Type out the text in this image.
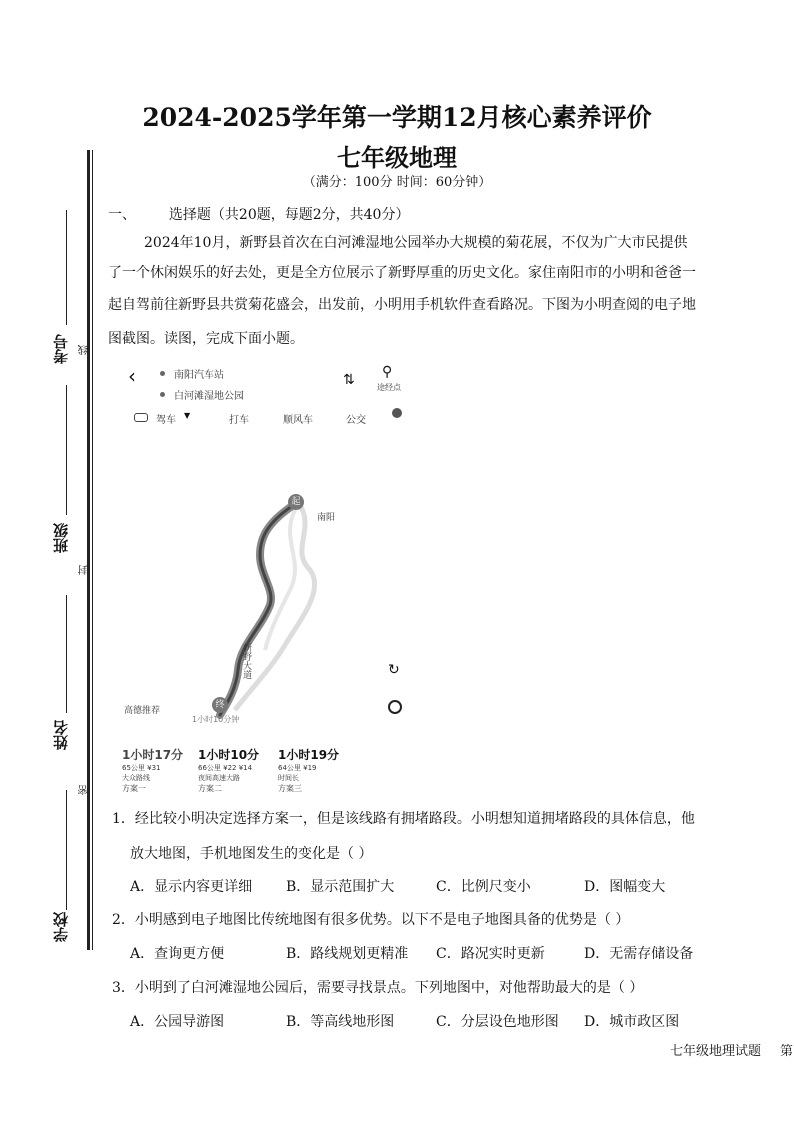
考号 线
班级
封
姓名
密
学校
2024-2025学年第一学期12月核心素养评价
七年级地理
（满分：100分 时间：60分钟）
一、 选择题（共20题，每题2分，共40分）
2024年10月，新野县首次在白河滩湿地公园举办大规模的菊花展，不仅为广大市民提供
了一个休闲娱乐的好去处，更是全方位展示了新野厚重的历史文化。家住南阳市的小明和爸爸一
起自驾前往新野县共赏菊花盛会，出发前，小明用手机软件查看路况。下图为小明查阅的电子地
图截图。读图，完成下面小题。
‹	南阳汽车站
白河滩湿地公园
⇅ ⚲
途经点
驾车 ▼	打车	顺风车	公交
起
南阳
新野大道
终
高德推荐
1小时10分钟
↻
1小时17分
65公里 ¥31
大众路线
方案一
1小时10分
66公里 ¥22 ¥14
夜间高速大路
方案二
1小时19分
64公里 ¥19
时间长
方案三
1．经比较小明决定选择方案一，但是该线路有拥堵路段。小明想知道拥堵路段的具体信息，他
放大地图，手机地图发生的变化是（ ）
A．显示内容更详细 B．显示范围扩大	C．比例尺变小	D．图幅变大
2．小明感到电子地图比传统地图有很多优势。以下不是电子地图具备的优势是（ ）
A．查询更方便	B．路线规划更精准 C．路况实时更新	D．无需存储设备
3．小明到了白河滩湿地公园后，需要寻找景点。下列地图中，对他帮助最大的是（ ）
A．公园导游图	B．等高线地形图	C．分层设色地形图 D．城市政区图
七年级地理试题 第
